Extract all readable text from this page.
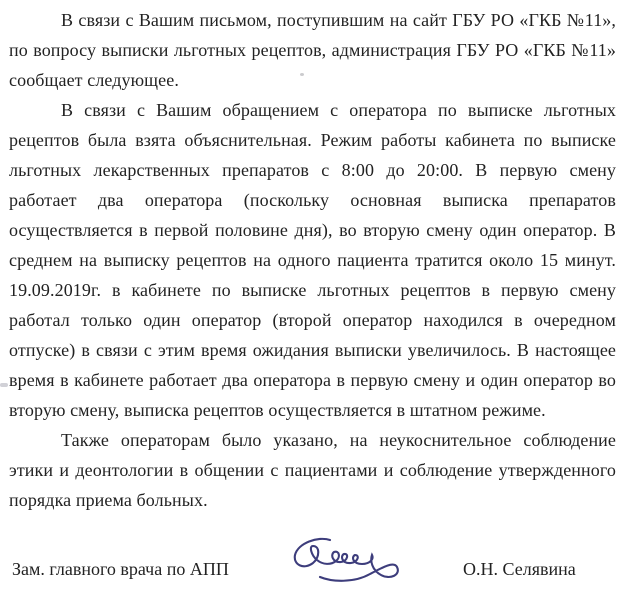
В связи с Вашим письмом, поступившим на сайт ГБУ РО «ГКБ №11»,

по вопросу выписки льготных рецептов, администрация ГБУ РО «ГКБ №11»

сообщает следующее.

В связи с Вашим обращением с оператора по выписке льготных

рецептов была взята объяснительная. Режим работы кабинета по выписке

льготных лекарственных препаратов с 8:00 до 20:00. В первую смену

работает два оператора (поскольку основная выписка препаратов

осуществляется в первой половине дня), во вторую смену один оператор. В

среднем на выписку рецептов на одного пациента тратится около 15 минут.

19.09.2019г. в кабинете по выписке льготных рецептов в первую смену

работал только один оператор (второй оператор находился в очередном

отпуске) в связи с этим время ожидания выписки увеличилось. В настоящее

время в кабинете работает два оператора в первую смену и один оператор во

вторую смену, выписка рецептов осуществляется в штатном режиме.

Также операторам было указано, на неукоснительное соблюдение

этики и деонтологии в общении с пациентами и соблюдение утвержденного

порядка приема больных.

Зам. главного врача по АПП	О.Н. Селявина
